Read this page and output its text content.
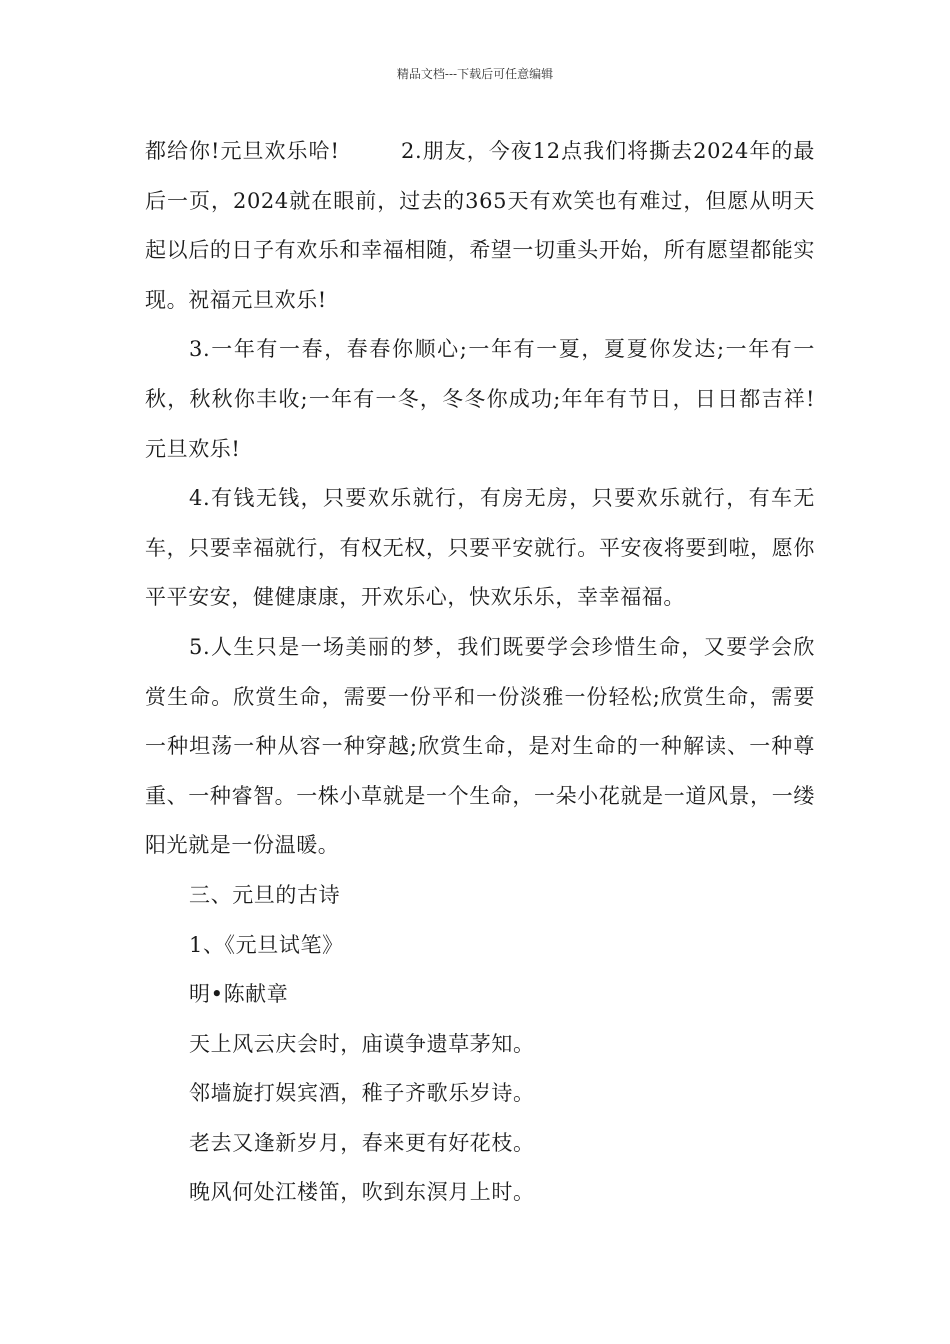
精品文档---下载后可任意编辑

都给你!元旦欢乐哈!        2.朋友，今夜12点我们将撕去2024年的最后一页，2024就在眼前，过去的365天有欢笑也有难过，但愿从明天起以后的日子有欢乐和幸福相随，希望一切重头开始，所有愿望都能实现。祝福元旦欢乐!

3.一年有一春，春春你顺心;一年有一夏，夏夏你发达;一年有一秋，秋秋你丰收;一年有一冬，冬冬你成功;年年有节日，日日都吉祥!元旦欢乐!

4.有钱无钱，只要欢乐就行，有房无房，只要欢乐就行，有车无车，只要幸福就行，有权无权，只要平安就行。平安夜将要到啦，愿你平平安安，健健康康，开欢乐心，快欢乐乐，幸幸福福。

5.人生只是一场美丽的梦，我们既要学会珍惜生命，又要学会欣赏生命。欣赏生命，需要一份平和一份淡雅一份轻松;欣赏生命，需要一种坦荡一种从容一种穿越;欣赏生命，是对生命的一种解读、一种尊重、一种睿智。一株小草就是一个生命，一朵小花就是一道风景，一缕阳光就是一份温暖。

三、元旦的古诗

1、《元旦试笔》

明•陈献章

天上风云庆会时，庙谟争遗草茅知。

邻墙旋打娱宾酒，稚子齐歌乐岁诗。

老去又逢新岁月，春来更有好花枝。

晚风何处江楼笛，吹到东溟月上时。
